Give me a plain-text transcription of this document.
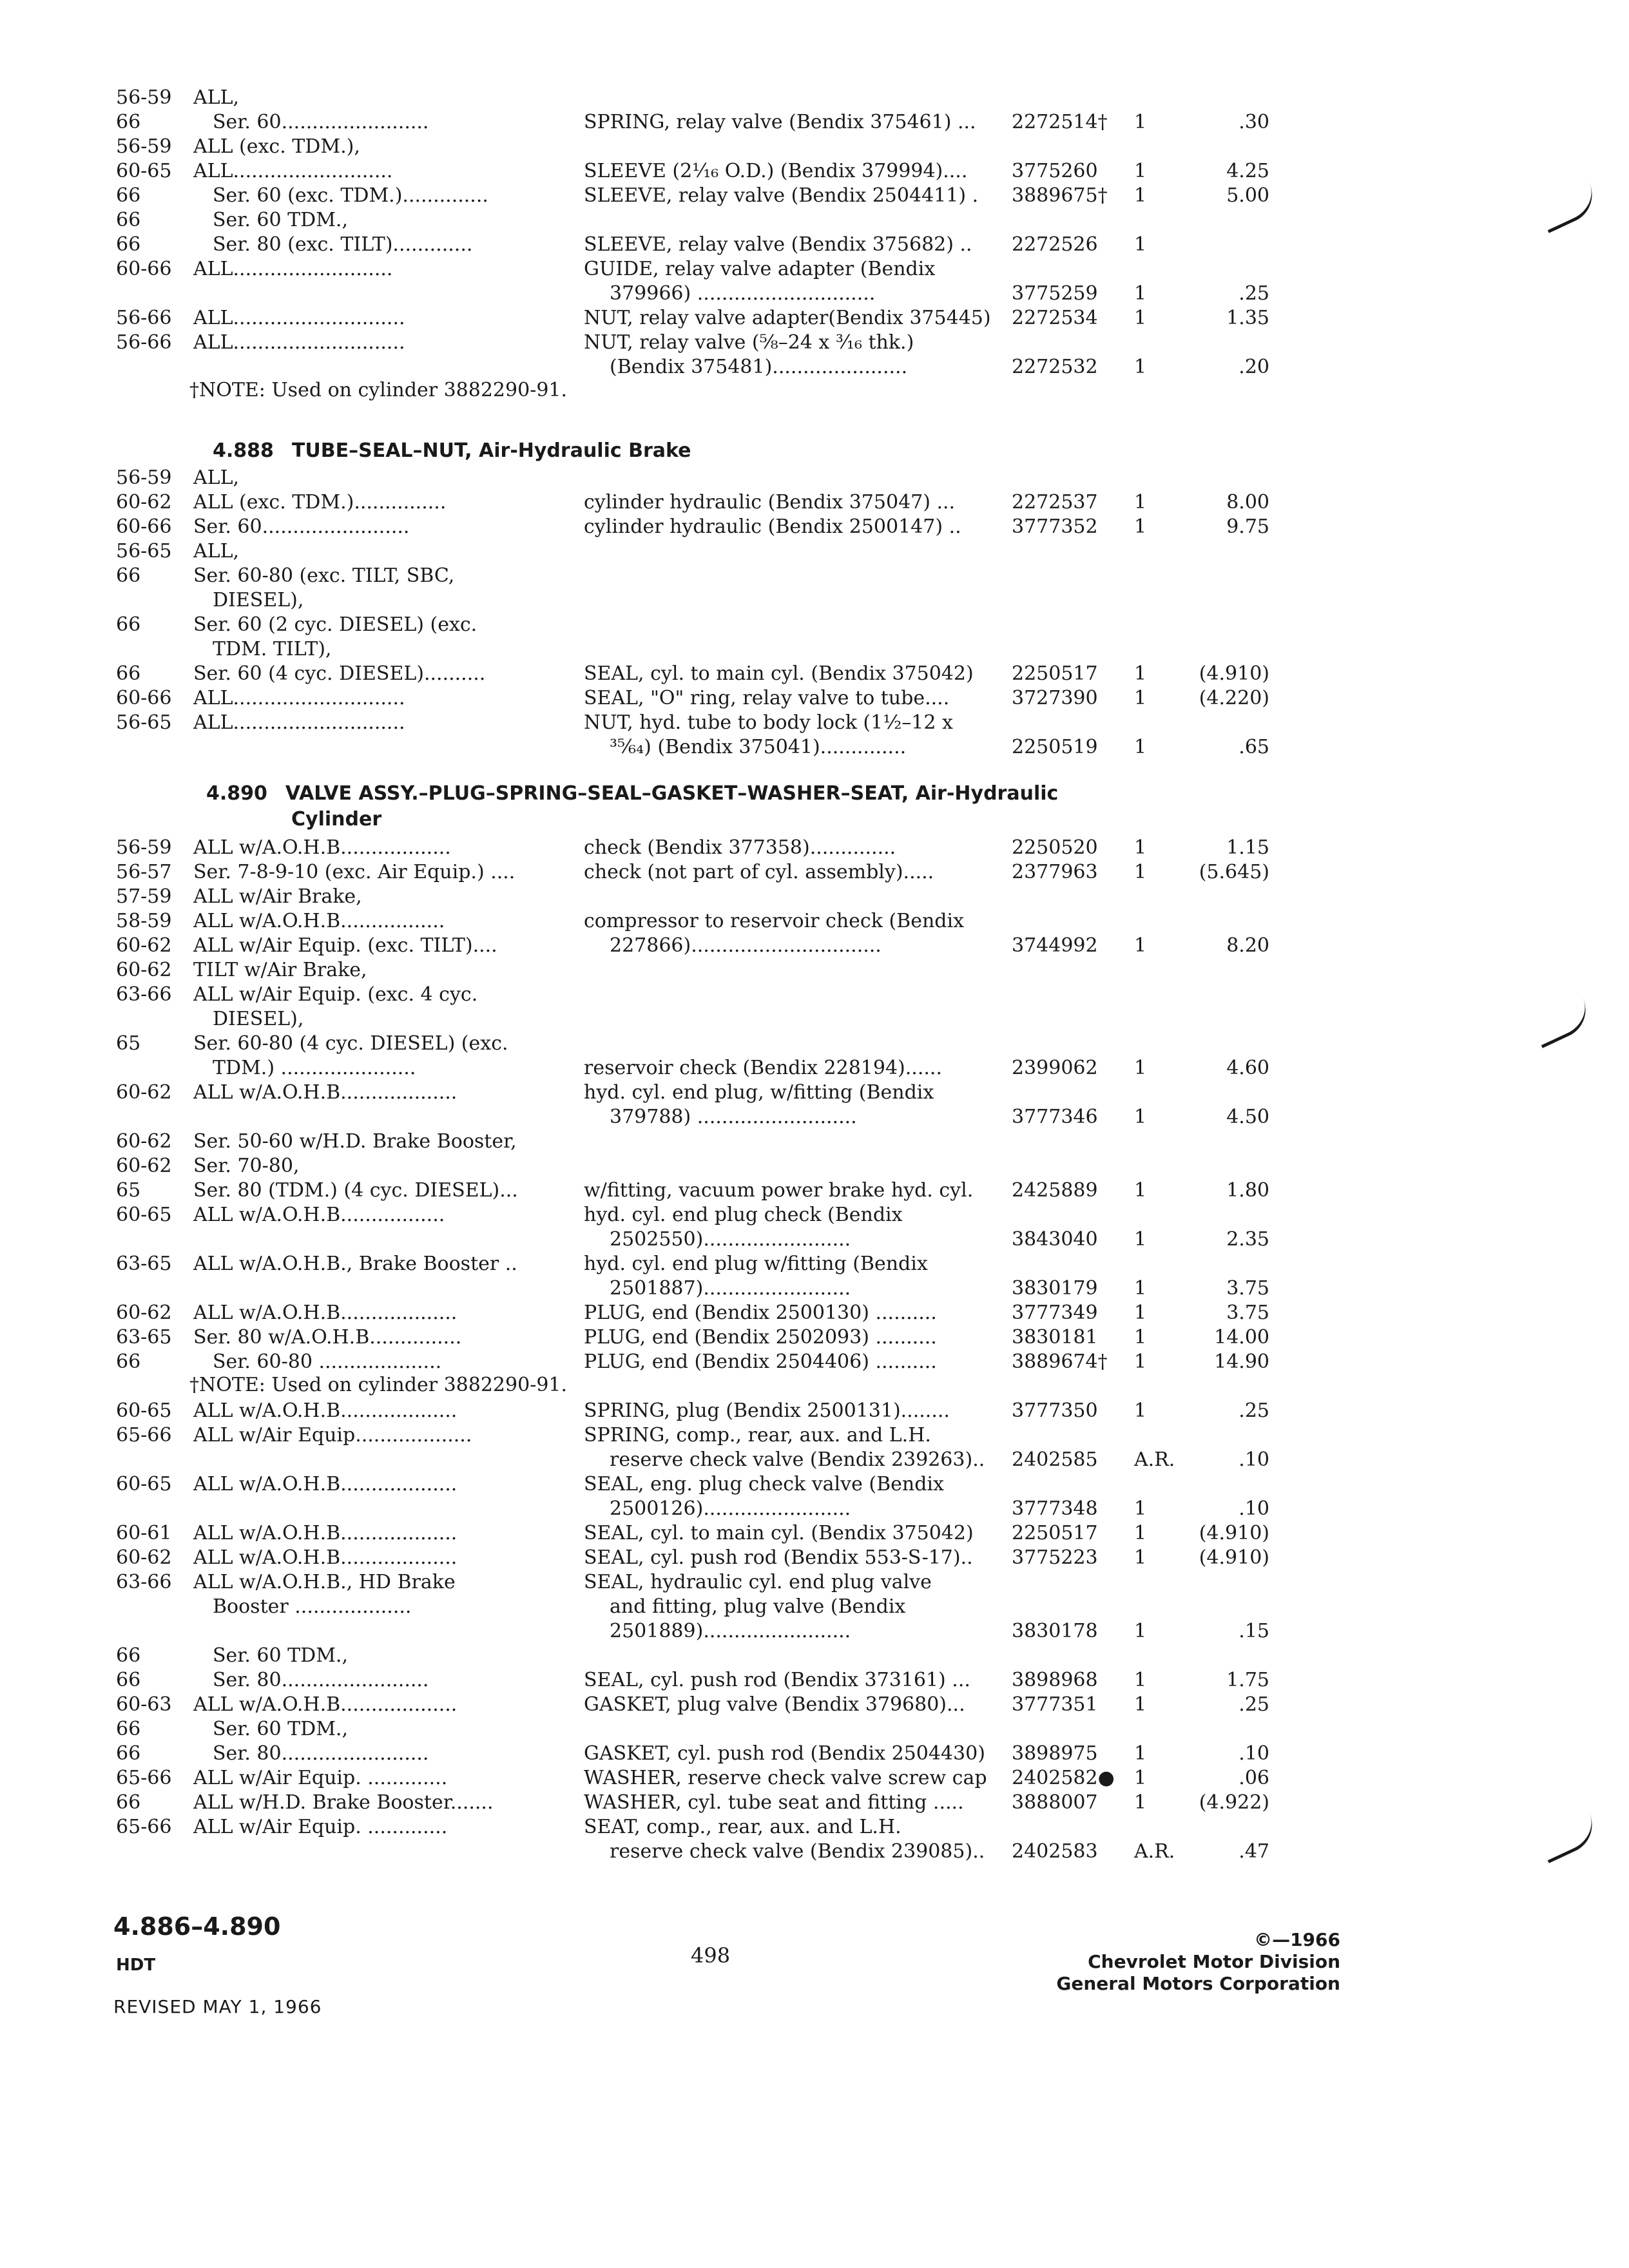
56-59 ALL,
66	Ser. 60........................	SPRING, relay valve (Bendix 375461) ... 2272514† 1	.30
56-59 ALL (exc. TDM.),
60-65 ALL..........................	SLEEVE (2⅟₁₆ O.D.) (Bendix 379994).... 3775260 1	4.25
66	Ser. 60 (exc. TDM.)..............	SLEEVE, relay valve (Bendix 2504411) . 3889675† 1	5.00
66	Ser. 60 TDM.,
66	Ser. 80 (exc. TILT).............	SLEEVE, relay valve (Bendix 375682) .. 2272526 1
60-66 ALL..........................	GUIDE, relay valve adapter (Bendix
379966) .............................	3775259 1	.25
56-66 ALL............................	NUT, relay valve adapter(Bendix 375445) 2272534 1	1.35
56-66 ALL............................	NUT, relay valve (⅝–24 x ³⁄₁₆ thk.)
(Bendix 375481)......................	2272532 1	.20
†NOTE: Used on cylinder 3882290-91.
56-59 ALL,
60-62 ALL (exc. TDM.)...............	cylinder hydraulic (Bendix 375047) ...	2272537 1	8.00
60-66 Ser. 60........................	cylinder hydraulic (Bendix 2500147) ..	3777352 1	9.75
56-65 ALL,
66	Ser. 60-80 (exc. TILT, SBC,
DIESEL),
66	Ser. 60 (2 cyc. DIESEL) (exc.
TDM. TILT),
66	Ser. 60 (4 cyc. DIESEL)..........	SEAL, cyl. to main cyl. (Bendix 375042) 2250517 1	(4.910)
60-66 ALL............................	SEAL, "O" ring, relay valve to tube....	3727390 1	(4.220)
56-65 ALL............................	NUT, hyd. tube to body lock (1½–12 x
³⁵⁄₆₄) (Bendix 375041)..............	2250519 1	.65
56-59 ALL w/A.O.H.B..................	check (Bendix 377358)..............	2250520 1	1.15
56-57 Ser. 7-8-9-10 (exc. Air Equip.) ....	check (not part of cyl. assembly).....	2377963 1	(5.645)
57-59 ALL w/Air Brake,
58-59 ALL w/A.O.H.B.................	compressor to reservoir check (Bendix
60-62 ALL w/Air Equip. (exc. TILT)....	227866)...............................	3744992 1	8.20
60-62 TILT w/Air Brake,
63-66 ALL w/Air Equip. (exc. 4 cyc.
DIESEL),
65	Ser. 60-80 (4 cyc. DIESEL) (exc.
TDM.) ......................	reservoir check (Bendix 228194)......	2399062 1	4.60
60-62 ALL w/A.O.H.B...................	hyd. cyl. end plug, w/fitting (Bendix
379788) ..........................	3777346 1	4.50
60-62 Ser. 50-60 w/H.D. Brake Booster,
60-62 Ser. 70-80,
65	Ser. 80 (TDM.) (4 cyc. DIESEL)...	w/fitting, vacuum power brake hyd. cyl. 2425889 1	1.80
60-65 ALL w/A.O.H.B.................	hyd. cyl. end plug check (Bendix
2502550)........................	3843040 1	2.35
63-65 ALL w/A.O.H.B., Brake Booster ..	hyd. cyl. end plug w/fitting (Bendix
2501887)........................	3830179 1	3.75
60-62 ALL w/A.O.H.B...................	PLUG, end (Bendix 2500130) ..........	3777349 1	3.75
63-65 Ser. 80 w/A.O.H.B...............	PLUG, end (Bendix 2502093) ..........	3830181 1	14.00
66	Ser. 60-80 ....................	PLUG, end (Bendix 2504406) ..........	3889674† 1	14.90
†NOTE: Used on cylinder 3882290-91.
60-65 ALL w/A.O.H.B...................	SPRING, plug (Bendix 2500131)........	3777350 1	.25
65-66 ALL w/Air Equip...................	SPRING, comp., rear, aux. and L.H.
reserve check valve (Bendix 239263).. 2402585 A.R.	.10
60-65 ALL w/A.O.H.B...................	SEAL, eng. plug check valve (Bendix
2500126)........................	3777348 1	.10
60-61 ALL w/A.O.H.B...................	SEAL, cyl. to main cyl. (Bendix 375042) 2250517 1	(4.910)
60-62 ALL w/A.O.H.B...................	SEAL, cyl. push rod (Bendix 553-S-17).. 3775223 1	(4.910)
63-66 ALL w/A.O.H.B., HD Brake	SEAL, hydraulic cyl. end plug valve
Booster ...................	and fitting, plug valve (Bendix
2501889)........................	3830178 1	.15
66	Ser. 60 TDM.,
66	Ser. 80........................	SEAL, cyl. push rod (Bendix 373161) ... 3898968 1	1.75
60-63 ALL w/A.O.H.B...................	GASKET, plug valve (Bendix 379680)... 3777351 1	.25
66	Ser. 60 TDM.,
66	Ser. 80........................	GASKET, cyl. push rod (Bendix 2504430) 3898975 1	.10
65-66 ALL w/Air Equip. .............	WASHER, reserve check valve screw cap 2402582● 1	.06
66	ALL w/H.D. Brake Booster.......	WASHER, cyl. tube seat and fitting ..... 3888007 1	(4.922)
65-66 ALL w/Air Equip. .............	SEAT, comp., rear, aux. and L.H.
reserve check valve (Bendix 239085).. 2402583 A.R.	.47
4.888 TUBE–SEAL–NUT, Air-Hydraulic Brake
4.890 VALVE ASSY.–PLUG–SPRING–SEAL–GASKET–WASHER–SEAT, Air-Hydraulic
Cylinder
4.886–4.890
HDT
REVISED MAY 1, 1966
498
©—1966
Chevrolet Motor Division
General Motors Corporation
